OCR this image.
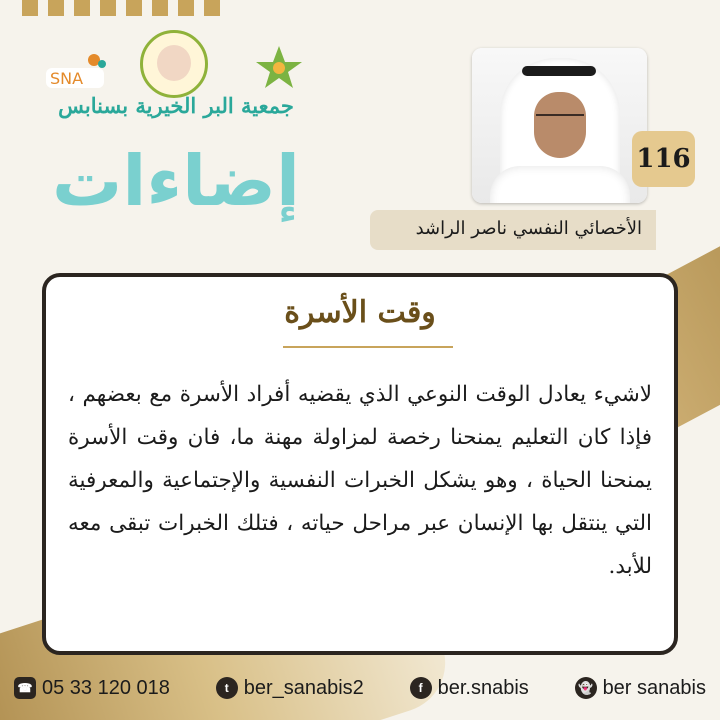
SNA
جمعية البر الخيرية بسنابس
إضاءات	116
الأخصائي النفسي ناصر الراشد
وقت الأسرة
لاشيء يعادل الوقت النوعي الذي يقضيه أفراد الأسرة مع بعضهم ، فإذا كان التعليم يمنحنا رخصة لمزاولة مهنة ما، فان وقت الأسرة يمنحنا الحياة ، وهو يشكل الخبرات النفسية والإجتماعية والمعرفية التي ينتقل بها الإنسان عبر مراحل حياته ، فتلك الخبرات تبقى معه للأبد.
☎ 05 33 120 018	t ber_sanabis2	f ber.snabis	👻 ber sanabis
